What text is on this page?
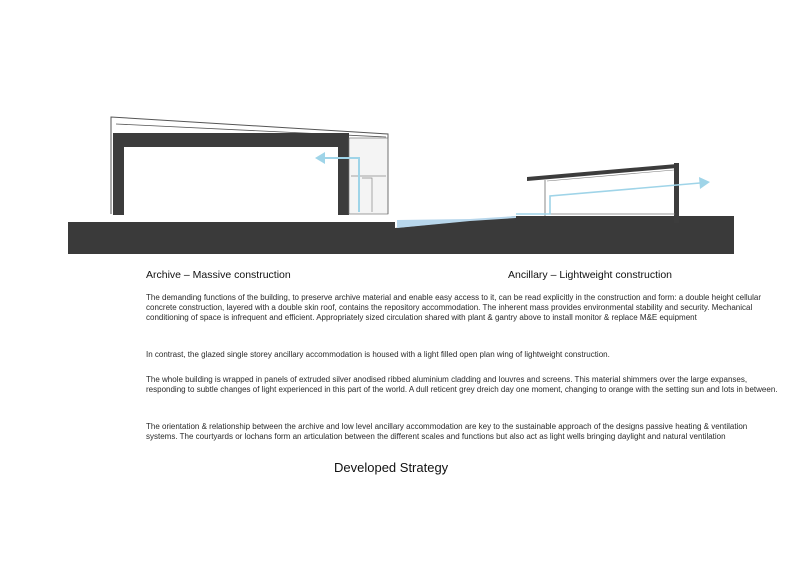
Archive – Massive construction	Ancillary – Lightweight construction

The demanding functions of the building, to preserve archive material and enable easy access to it, can be read explicitly in the construction and form: a double height cellular concrete construction, layered with a double skin roof, contains the repository accommodation. The inherent mass provides environmental stability and security. Mechanical conditioning of space is infrequent and efficient. Appropriately sized circulation shared with plant & gantry above to install monitor & replace M&E equipment

In contrast, the glazed single storey ancillary accommodation is housed with a light filled open plan wing of lightweight construction.

The whole building is wrapped in panels of extruded silver anodised ribbed aluminium cladding and louvres and screens. This material shimmers over the large expanses, responding to subtle changes of light experienced in this part of the world. A dull reticent grey dreich day one moment, changing to orange with the setting sun and lots in between.

The orientation & relationship between the archive and low level ancillary accommodation are key to the sustainable approach of the designs passive heating & ventilation systems. The courtyards or lochans form an articulation between the different scales and functions but also act as light wells bringing daylight and natural ventilation

Developed Strategy
